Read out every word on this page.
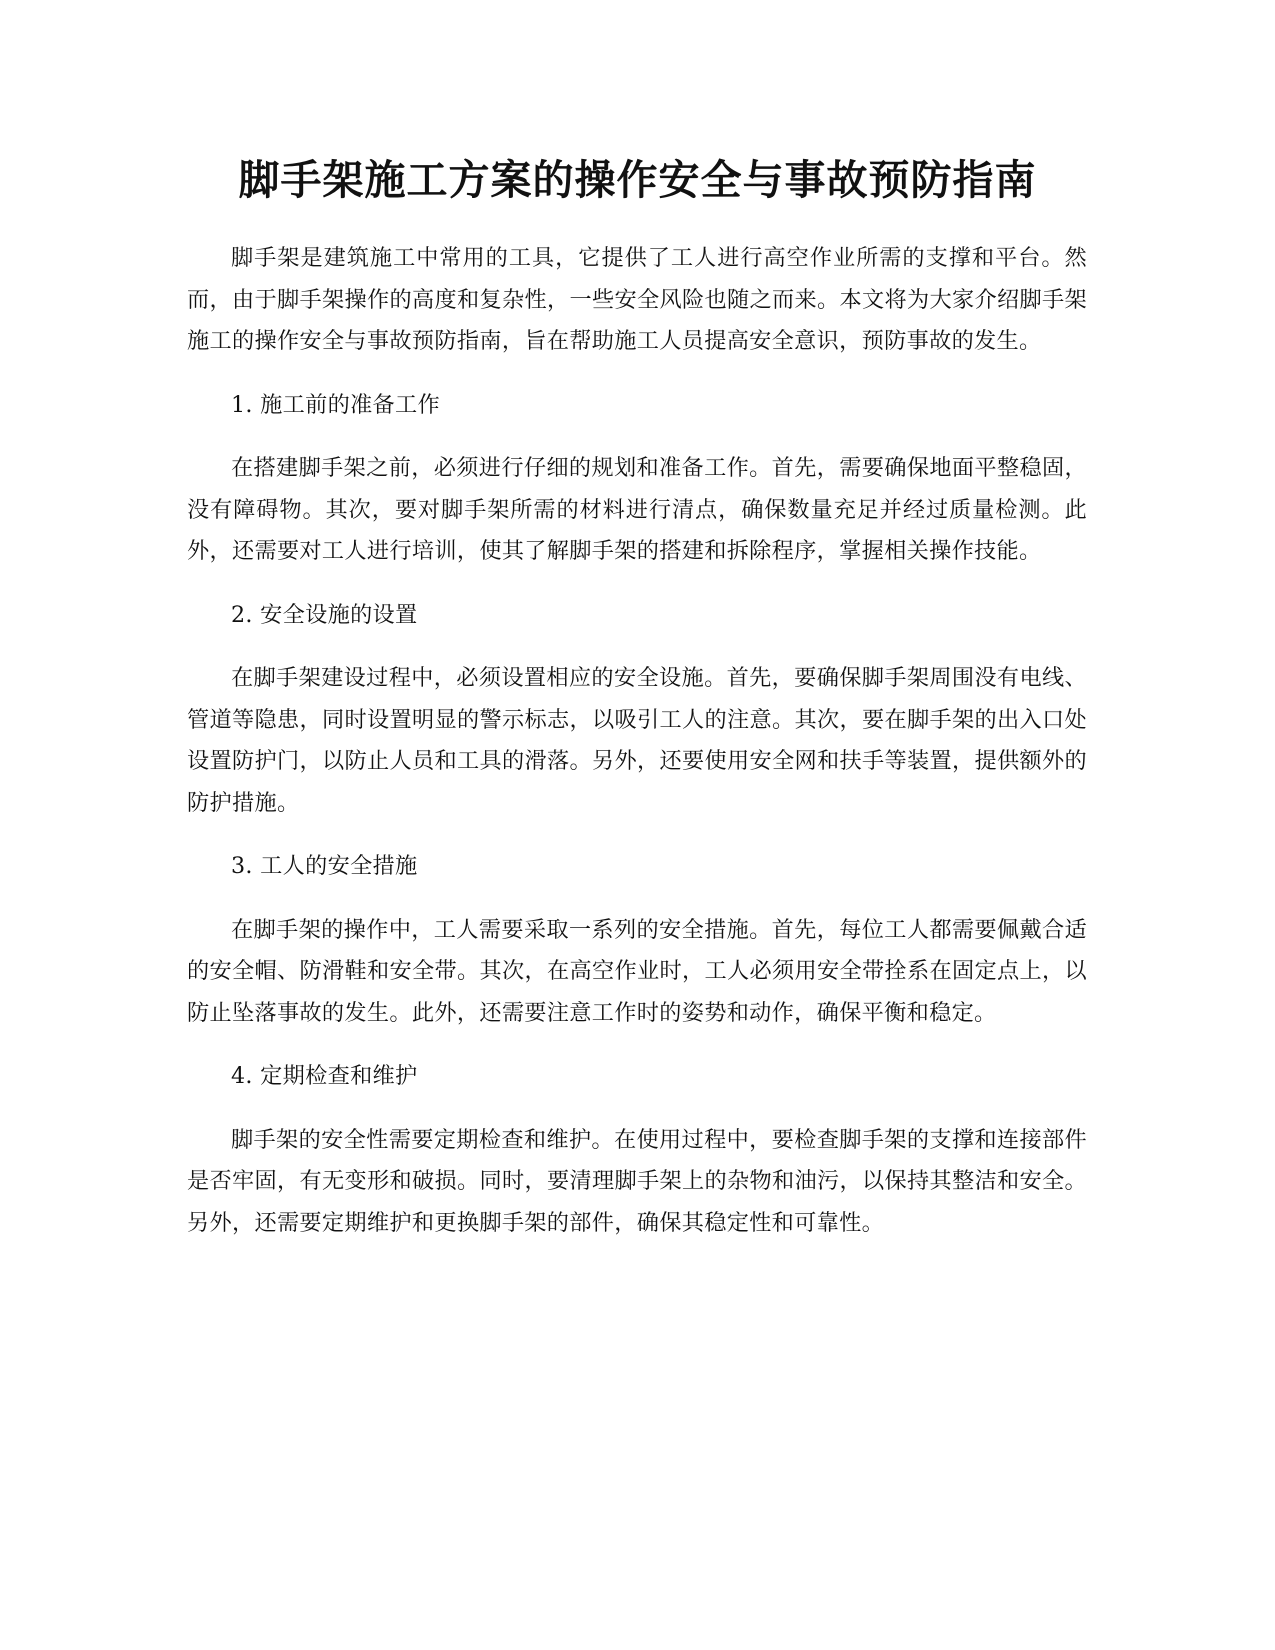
脚手架施工方案的操作安全与事故预防指南

脚手架是建筑施工中常用的工具，它提供了工人进行高空作业所需的支撑和平台。然而，由于脚手架操作的高度和复杂性，一些安全风险也随之而来。本文将为大家介绍脚手架施工的操作安全与事故预防指南，旨在帮助施工人员提高安全意识，预防事故的发生。

1. 施工前的准备工作

在搭建脚手架之前，必须进行仔细的规划和准备工作。首先，需要确保地面平整稳固，没有障碍物。其次，要对脚手架所需的材料进行清点，确保数量充足并经过质量检测。此外，还需要对工人进行培训，使其了解脚手架的搭建和拆除程序，掌握相关操作技能。

2. 安全设施的设置

在脚手架建设过程中，必须设置相应的安全设施。首先，要确保脚手架周围没有电线、管道等隐患，同时设置明显的警示标志，以吸引工人的注意。其次，要在脚手架的出入口处设置防护门，以防止人员和工具的滑落。另外，还要使用安全网和扶手等装置，提供额外的防护措施。

3. 工人的安全措施

在脚手架的操作中，工人需要采取一系列的安全措施。首先，每位工人都需要佩戴合适的安全帽、防滑鞋和安全带。其次，在高空作业时，工人必须用安全带拴系在固定点上，以防止坠落事故的发生。此外，还需要注意工作时的姿势和动作，确保平衡和稳定。

4. 定期检查和维护

脚手架的安全性需要定期检查和维护。在使用过程中，要检查脚手架的支撑和连接部件是否牢固，有无变形和破损。同时，要清理脚手架上的杂物和油污，以保持其整洁和安全。另外，还需要定期维护和更换脚手架的部件，确保其稳定性和可靠性。
